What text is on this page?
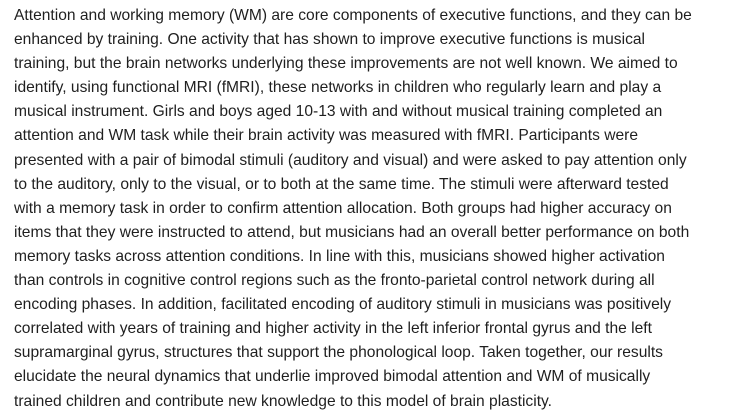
Attention and working memory (WM) are core components of executive functions, and they can be
enhanced by training. One activity that has shown to improve executive functions is musical
training, but the brain networks underlying these improvements are not well known. We aimed to
identify, using functional MRI (fMRI), these networks in children who regularly learn and play a
musical instrument. Girls and boys aged 10-13 with and without musical training completed an
attention and WM task while their brain activity was measured with fMRI. Participants were
presented with a pair of bimodal stimuli (auditory and visual) and were asked to pay attention only
to the auditory, only to the visual, or to both at the same time. The stimuli were afterward tested
with a memory task in order to confirm attention allocation. Both groups had higher accuracy on
items that they were instructed to attend, but musicians had an overall better performance on both
memory tasks across attention conditions. In line with this, musicians showed higher activation
than controls in cognitive control regions such as the fronto-parietal control network during all
encoding phases. In addition, facilitated encoding of auditory stimuli in musicians was positively
correlated with years of training and higher activity in the left inferior frontal gyrus and the left
supramarginal gyrus, structures that support the phonological loop. Taken together, our results
elucidate the neural dynamics that underlie improved bimodal attention and WM of musically
trained children and contribute new knowledge to this model of brain plasticity.
